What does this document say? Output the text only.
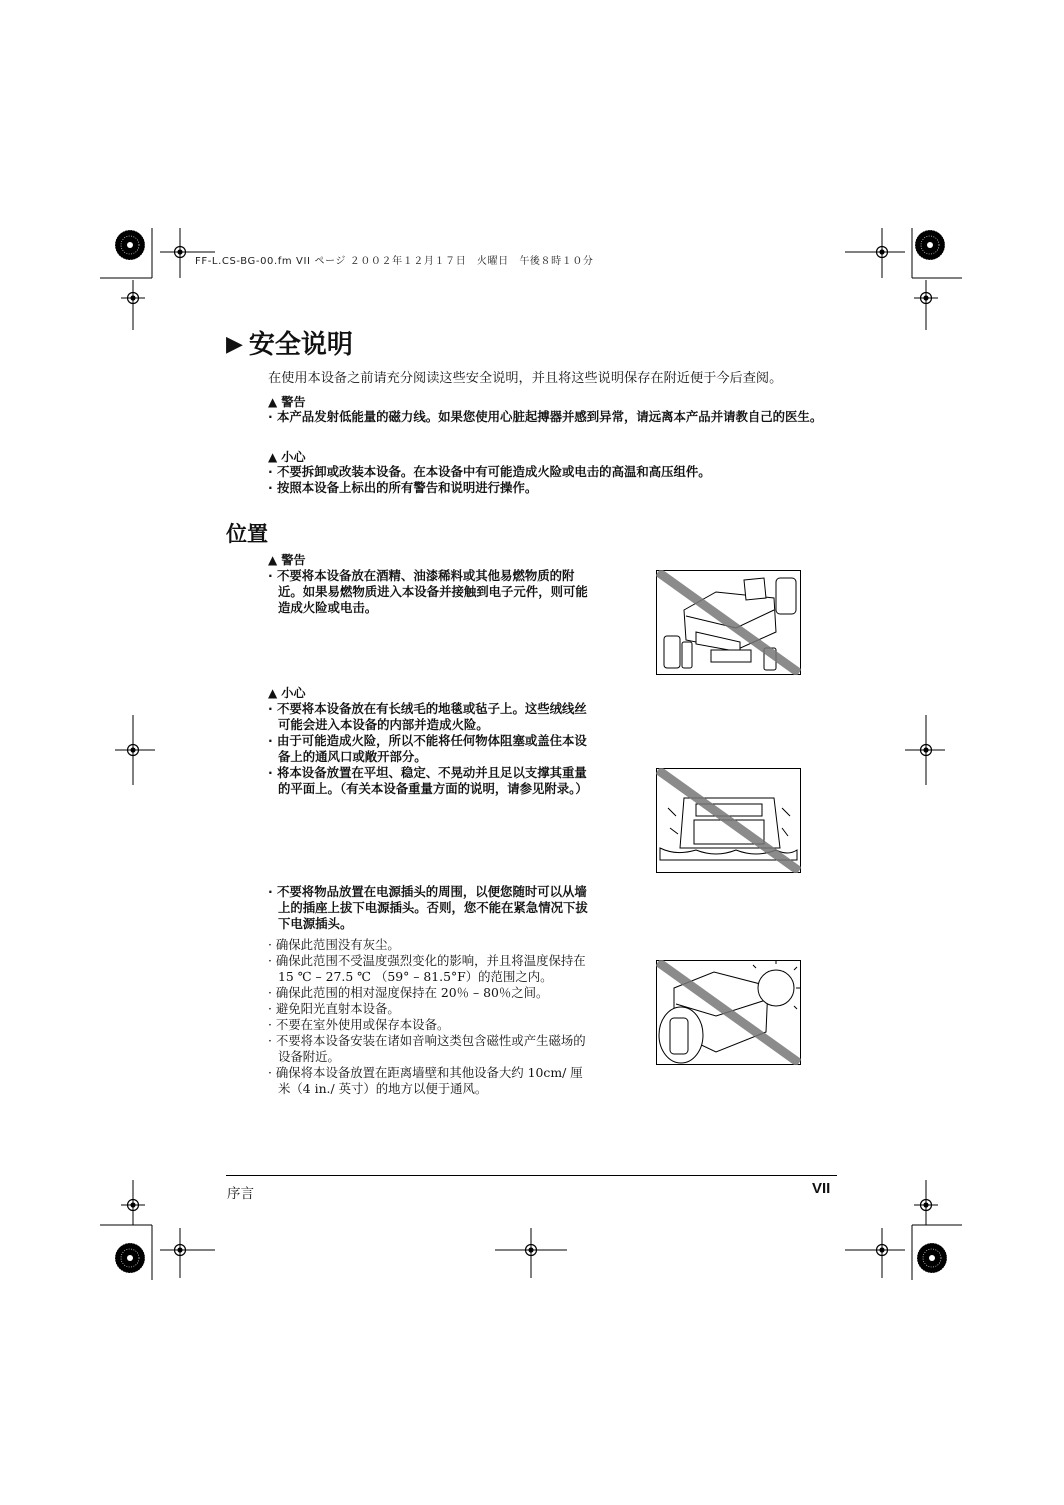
FF-L.CS-BG-00.fm VII ページ ２００２年１２月１７日　火曜日　午後８時１０分
▶ 安全说明
在使用本设备之前请充分阅读这些安全说明，并且将这些说明保存在附近便于今后查阅。
▲ 警告
· 本产品发射低能量的磁力线。如果您使用心脏起搏器并感到异常，请远离本产品并请教自己的医生。
▲ 小心
· 不要拆卸或改装本设备。在本设备中有可能造成火险或电击的高温和高压组件。
· 按照本设备上标出的所有警告和说明进行操作。
位置
▲ 警告
· 不要将本设备放在酒精、油漆稀料或其他易燃物质的附近。如果易燃物质进入本设备并接触到电子元件，则可能造成火险或电击。
▲ 小心
· 不要将本设备放在有长绒毛的地毯或毡子上。这些绒线丝可能会进入本设备的内部并造成火险。
· 由于可能造成火险，所以不能将任何物体阻塞或盖住本设备上的通风口或敞开部分。
· 将本设备放置在平坦、稳定、不晃动并且足以支撑其重量的平面上。（有关本设备重量方面的说明，请参见附录。）
· 不要将物品放置在电源插头的周围，以便您随时可以从墙上的插座上拔下电源插头。否则，您不能在紧急情况下拔下电源插头。
· 确保此范围没有灰尘。
· 确保此范围不受温度强烈变化的影响，并且将温度保持在 15 ℃ – 27.5 ℃ （59° – 81.5°F）的范围之内。
· 确保此范围的相对湿度保持在 20％ – 80％之间。
· 避免阳光直射本设备。
· 不要在室外使用或保存本设备。
· 不要将本设备安装在诸如音响这类包含磁性或产生磁场的设备附近。
· 确保将本设备放置在距离墙壁和其他设备大约 10cm/ 厘米（4 in./ 英寸）的地方以便于通风。
序言	VII
